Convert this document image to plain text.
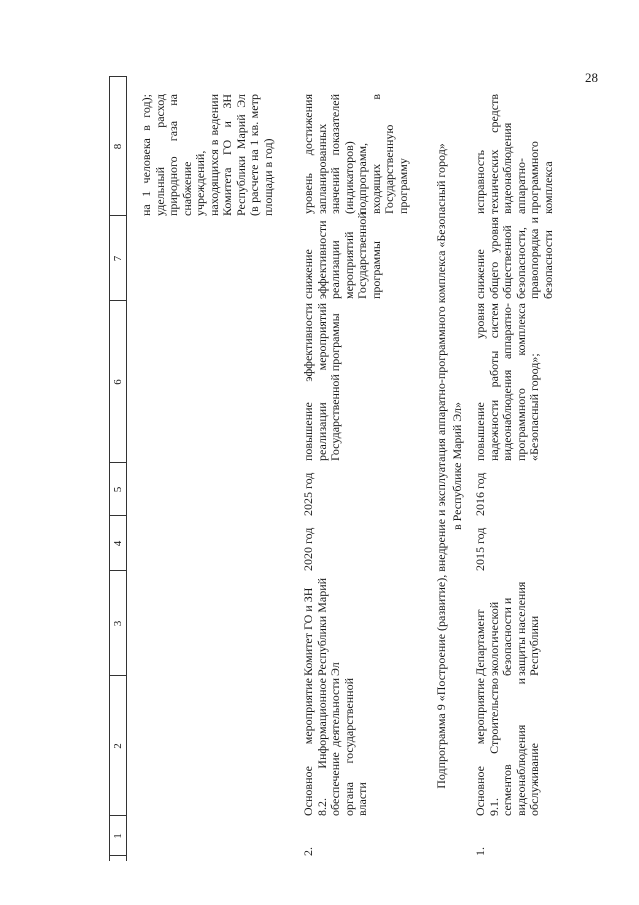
28
1
2
3
4
5
6
7
8 на 1 человека в год); удельный расход природного газа на снабжение учреждений, находящихся в ведении Комитета ГО и ЗН Республики Марий Эл (в расчете на 1 кв. метр площади в год)
2.
Основное мероприятие 8.2. Информационное обеспечение деятельности органа государственной власти
Комитет ГО и ЗН Республики Марий Эл
2020 год
2025 год
повышение эффективности реализации мероприятий Государственной программы
снижение эффективности реализации мероприятий Государственной программы
уровень достижения запланированных значений показателей (индикаторов) подпрограмм, входящих в Государственную программу Подпрограмма 9 «Построение (развитие), внедрение и эксплуатация аппаратно-программного комплекса «Безопасный город» в Республике Марий Эл»
1.
Основное мероприятие 9.1. Строительство сегментов видеонаблюдения и обслуживание
Департамент экологической безопасности и защиты населения Республики
2015 год
2016 год
повышение уровня надежности работы систем видеонаблюдения аппаратно-программного комплекса «Безопасный город»;
снижение общего уровня общественной безопасности, правопорядка и безопасности
исправность технических средств видеонаблюдения аппаратно-программного комплекса
